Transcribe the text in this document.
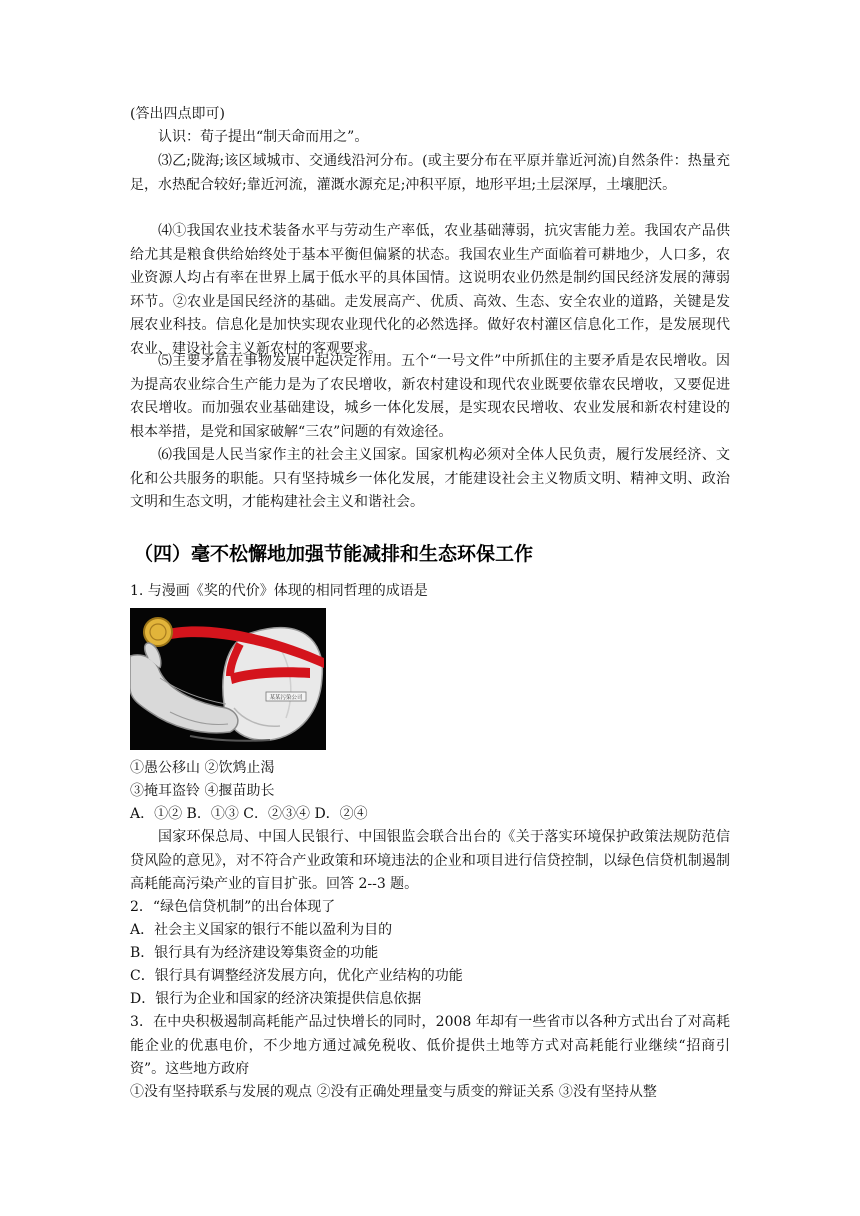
(答出四点即可)

认识：荀子提出“制天命而用之”。

⑶乙;陇海;该区域城市、交通线沿河分布。(或主要分布在平原并靠近河流)自然条件：热量充足，水热配合较好;靠近河流，灌溉水源充足;冲积平原，地形平坦;土层深厚，土壤肥沃。

⑷①我国农业技术装备水平与劳动生产率低，农业基础薄弱，抗灾害能力差。我国农产品供给尤其是粮食供给始终处于基本平衡但偏紧的状态。我国农业生产面临着可耕地少，人口多，农业资源人均占有率在世界上属于低水平的具体国情。这说明农业仍然是制约国民经济发展的薄弱环节。②农业是国民经济的基础。走发展高产、优质、高效、生态、安全农业的道路，关键是发展农业科技。信息化是加快实现农业现代化的必然选择。做好农村灌区信息化工作，是发展现代农业、建设社会主义新农村的客观要求。

⑸主要矛盾在事物发展中起决定作用。五个“一号文件”中所抓住的主要矛盾是农民增收。因为提高农业综合生产能力是为了农民增收，新农村建设和现代农业既要依靠农民增收，又要促进农民增收。而加强农业基础建设，城乡一体化发展，是实现农民增收、农业发展和新农村建设的根本举措，是党和国家破解“三农”问题的有效途径。

⑹我国是人民当家作主的社会主义国家。国家机构必须对全体人民负责，履行发展经济、文化和公共服务的职能。只有坚持城乡一体化发展，才能建设社会主义物质文明、精神文明、政治文明和生态文明，才能构建社会主义和谐社会。

（四）毫不松懈地加强节能减排和生态环保工作

1. 与漫画《奖的代价》体现的相同哲理的成语是

某某污染公司

①愚公移山 ②饮鸩止渴

③掩耳盗铃 ④揠苗助长

A．①② B．①③ C．②③④ D．②④

国家环保总局、中国人民银行、中国银监会联合出台的《关于落实环境保护政策法规防范信贷风险的意见》，对不符合产业政策和环境违法的企业和项目进行信贷控制，以绿色信贷机制遏制高耗能高污染产业的盲目扩张。回答 2--3 题。

2．“绿色信贷机制”的出台体现了

A．社会主义国家的银行不能以盈利为目的

B．银行具有为经济建设筹集资金的功能

C．银行具有调整经济发展方向，优化产业结构的功能

D．银行为企业和国家的经济决策提供信息依据

3．在中央积极遏制高耗能产品过快增长的同时，2008 年却有一些省市以各种方式出台了对高耗能企业的优惠电价，不少地方通过减免税收、低价提供土地等方式对高耗能行业继续“招商引资”。这些地方政府

①没有坚持联系与发展的观点 ②没有正确处理量变与质变的辩证关系 ③没有坚持从整
